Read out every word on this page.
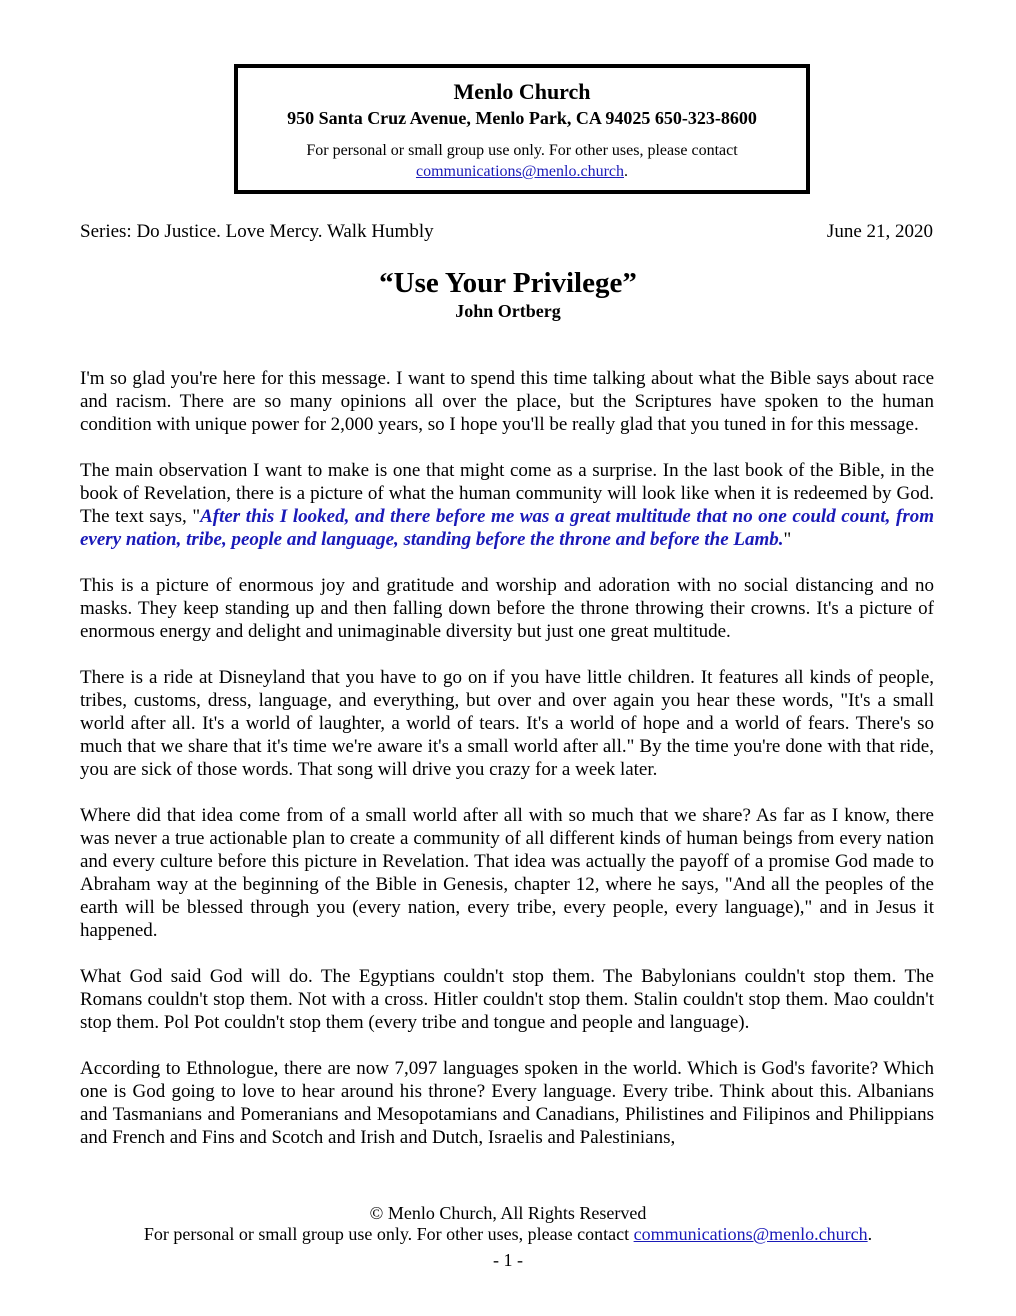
Menlo Church
950 Santa Cruz Avenue, Menlo Park, CA 94025 650-323-8600
For personal or small group use only. For other uses, please contact
communications@menlo.church.
Series: Do Justice. Love Mercy. Walk Humbly	June 21, 2020
“Use Your Privilege”
John Ortberg

I'm so glad you're here for this message. I want to spend this time talking about what the Bible says about race and racism. There are so many opinions all over the place, but the Scriptures have spoken to the human condition with unique power for 2,000 years, so I hope you'll be really glad that you tuned in for this message.

The main observation I want to make is one that might come as a surprise. In the last book of the Bible, in the book of Revelation, there is a picture of what the human community will look like when it is redeemed by God. The text says, "After this I looked, and there before me was a great multitude that no one could count, from every nation, tribe, people and language, standing before the throne and before the Lamb."

This is a picture of enormous joy and gratitude and worship and adoration with no social distancing and no masks. They keep standing up and then falling down before the throne throwing their crowns. It's a picture of enormous energy and delight and unimaginable diversity but just one great multitude.

There is a ride at Disneyland that you have to go on if you have little children. It features all kinds of people, tribes, customs, dress, language, and everything, but over and over again you hear these words, "It's a small world after all. It's a world of laughter, a world of tears. It's a world of hope and a world of fears. There's so much that we share that it's time we're aware it's a small world after all." By the time you're done with that ride, you are sick of those words. That song will drive you crazy for a week later.

Where did that idea come from of a small world after all with so much that we share? As far as I know, there was never a true actionable plan to create a community of all different kinds of human beings from every nation and every culture before this picture in Revelation. That idea was actually the payoff of a promise God made to Abraham way at the beginning of the Bible in Genesis, chapter 12, where he says, "And all the peoples of the earth will be blessed through you (every nation, every tribe, every people, every language)," and in Jesus it happened.

What God said God will do. The Egyptians couldn't stop them. The Babylonians couldn't stop them. The Romans couldn't stop them. Not with a cross. Hitler couldn't stop them. Stalin couldn't stop them. Mao couldn't stop them. Pol Pot couldn't stop them (every tribe and tongue and people and language).

According to Ethnologue, there are now 7,097 languages spoken in the world. Which is God's favorite? Which one is God going to love to hear around his throne? Every language. Every tribe. Think about this. Albanians and Tasmanians and Pomeranians and Mesopotamians and Canadians, Philistines and Filipinos and Philippians and French and Fins and Scotch and Irish and Dutch, Israelis and Palestinians,

© Menlo Church, All Rights Reserved
For personal or small group use only. For other uses, please contact communications@menlo.church.
- 1 -
